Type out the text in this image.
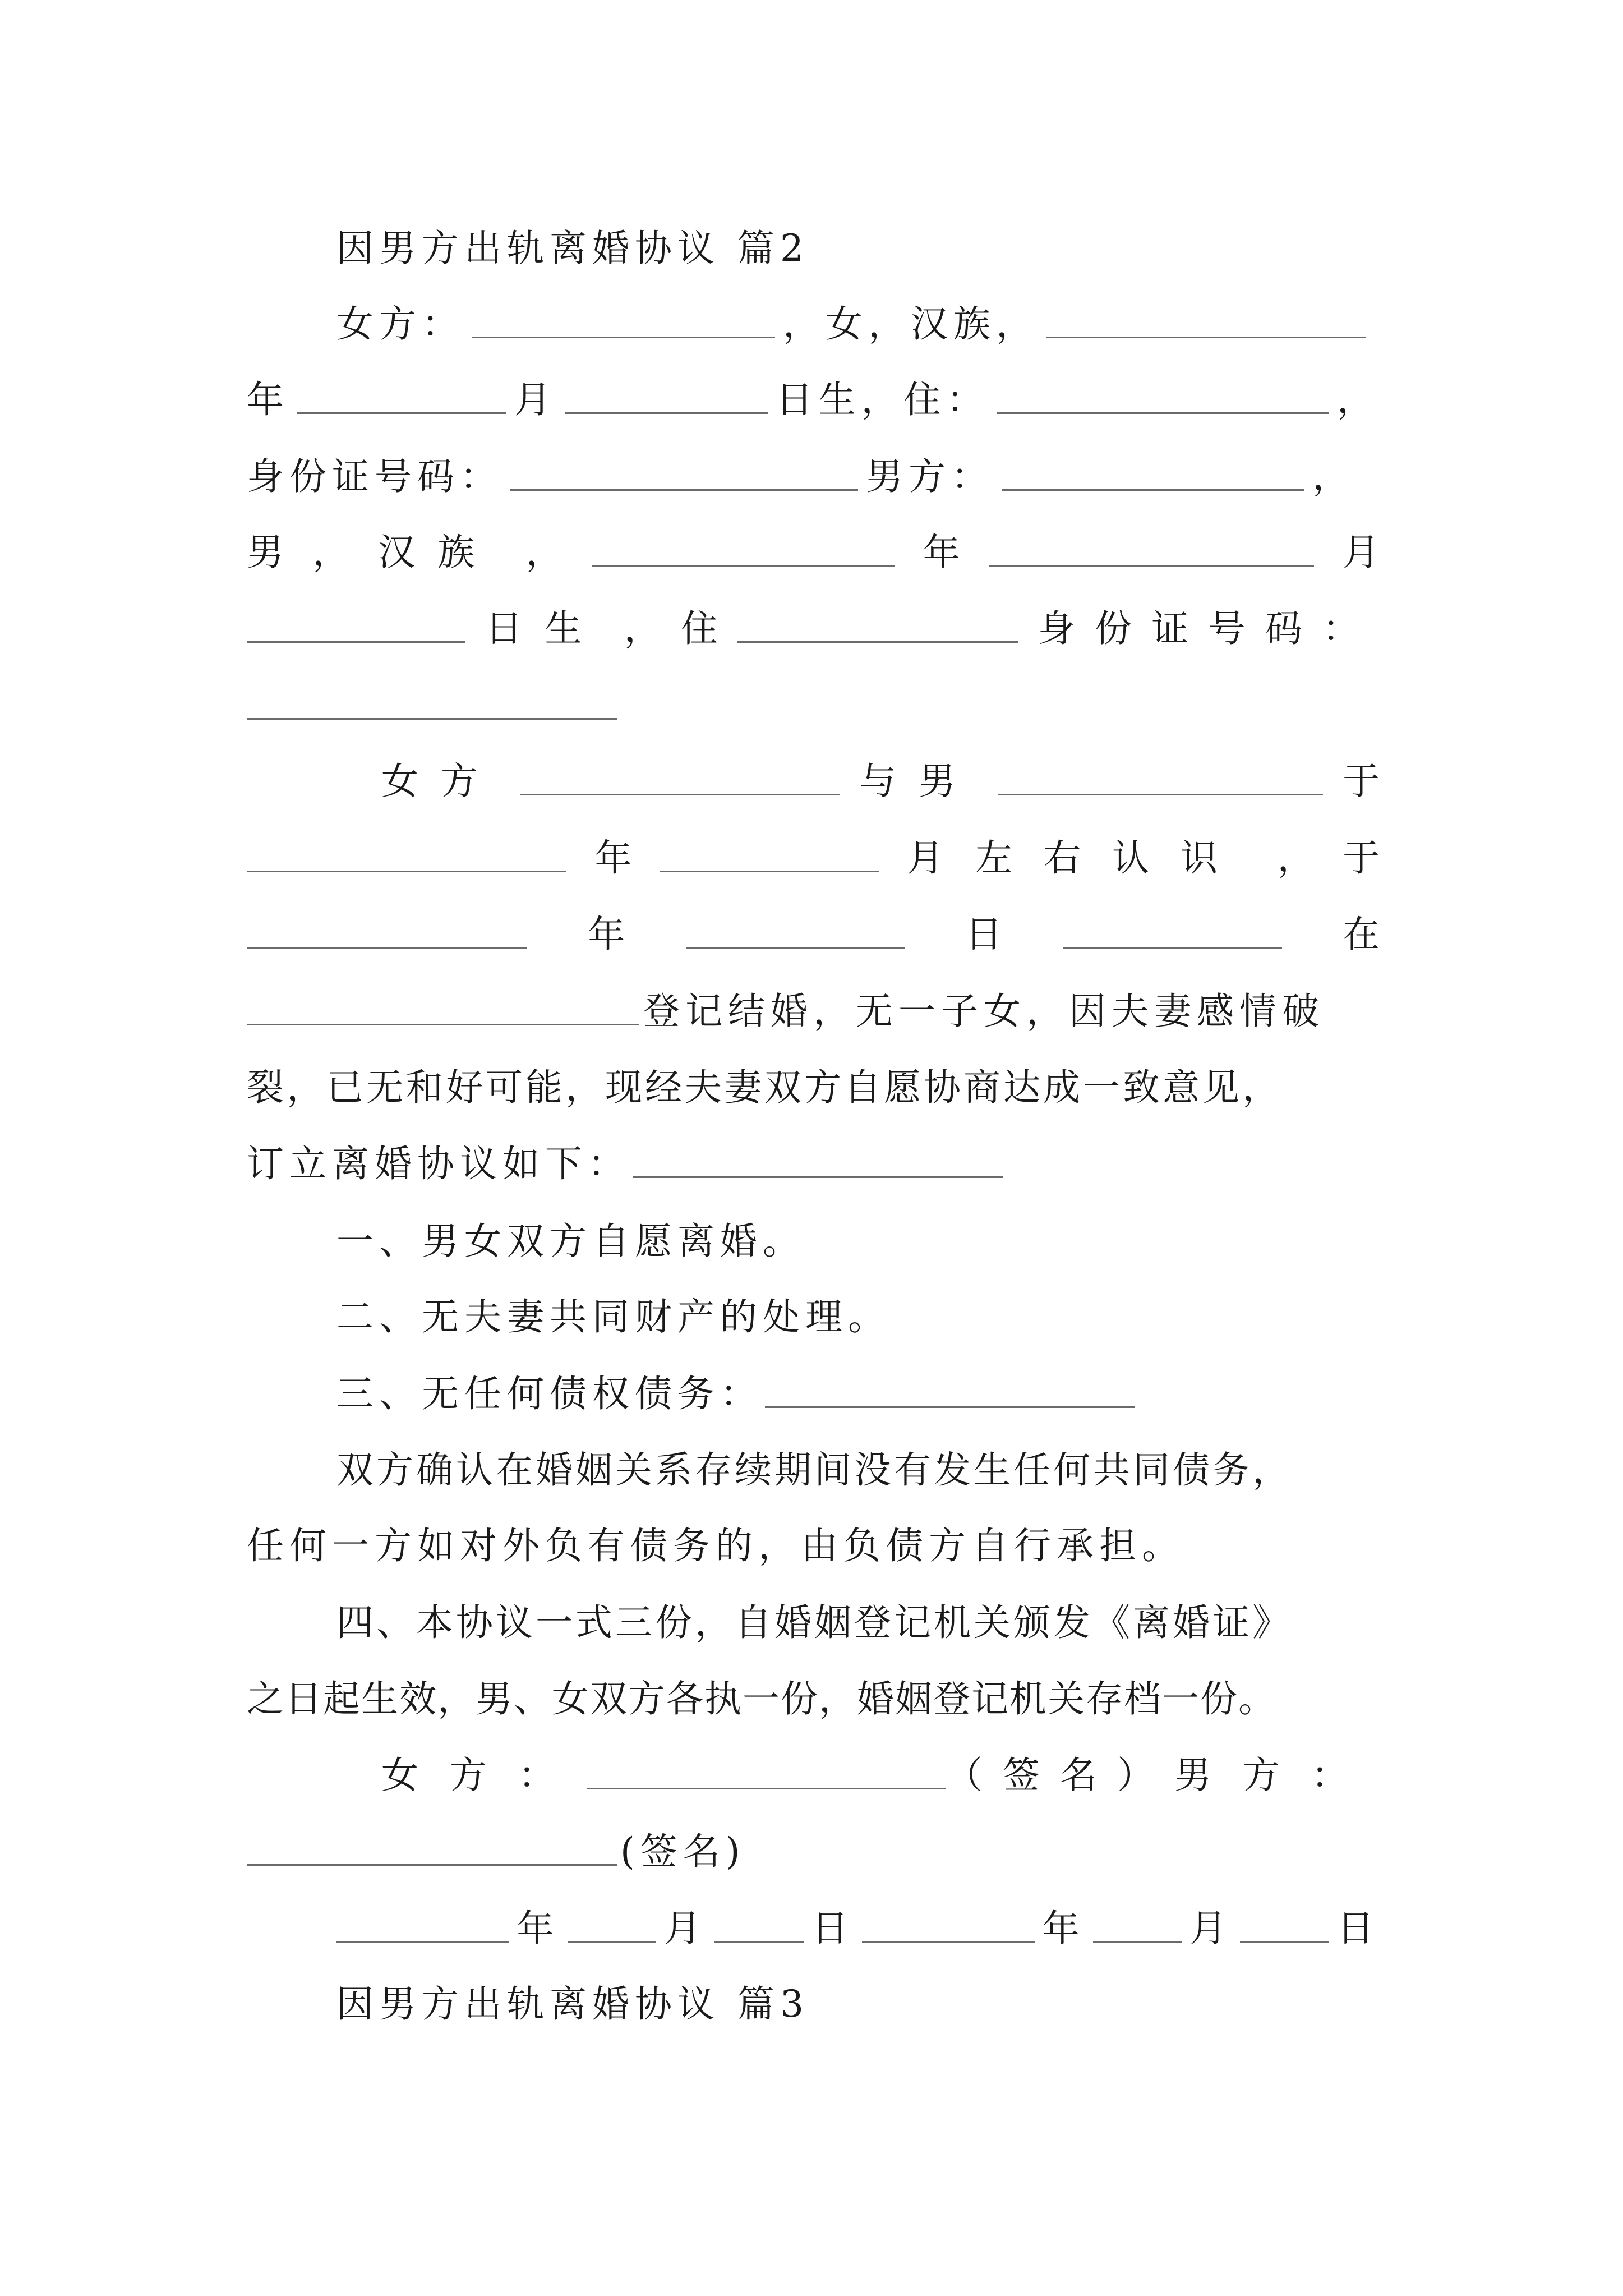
因男方出轨离婚协议 篇2
女方：	，女，汉族，
年	月	日生，住：	，
身份证号码：	男方：	，
男 ， 汉族 ，	年	月
日生 ， 住	身 份 证 号 码：
女方	与男	于
年	月左右认识 ， 于
年	日	在
登记结婚，无一子女，因夫妻感情破
裂，已无和好可能，现经夫妻双方自愿协商达成一致意见，
订立离婚协议如下：
一、男女双方自愿离婚。
二、无夫妻共同财产的处理。
三、无任何债权债务：
双方确认在婚姻关系存续期间没有发生任何共同债务，
任何一方如对外负有债务的，由负债方自行承担。
四、本协议一式三份，自婚姻登记机关颁发《离婚证》
之日起生效，男、女双方各执一份，婚姻登记机关存档一份。
女方：	（签名） 男方：
(签名)
年	月	日	年	月	日
因男方出轨离婚协议 篇3
